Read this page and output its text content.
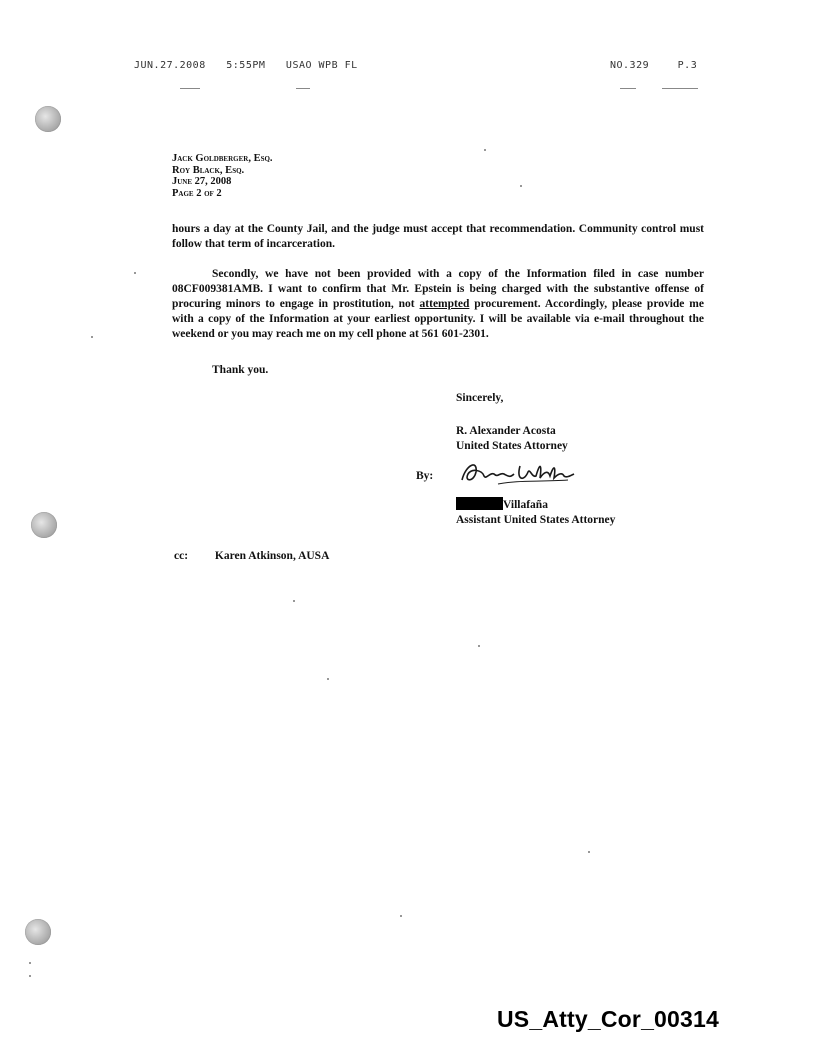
JUN.27.2008 5:55PM USAO WPB FL	NO.329	P.3
Jack Goldberger, Esq.
Roy Black, Esq.
June 27, 2008
Page 2 of 2
hours a day at the County Jail, and the judge must accept that recommendation. Community control must follow that term of incarceration.
Secondly, we have not been provided with a copy of the Information filed in case number 08CF009381AMB. I want to confirm that Mr. Epstein is being charged with the substantive offense of procuring minors to engage in prostitution, not attempted procurement. Accordingly, please provide me with a copy of the Information at your earliest opportunity. I will be available via e-mail throughout the weekend or you may reach me on my cell phone at 561 601-2301.
Thank you.
Sincerely,
R. Alexander Acosta
United States Attorney
By:
Villafaña
Assistant United States Attorney
cc: Karen Atkinson, AUSA
US_Atty_Cor_00314
